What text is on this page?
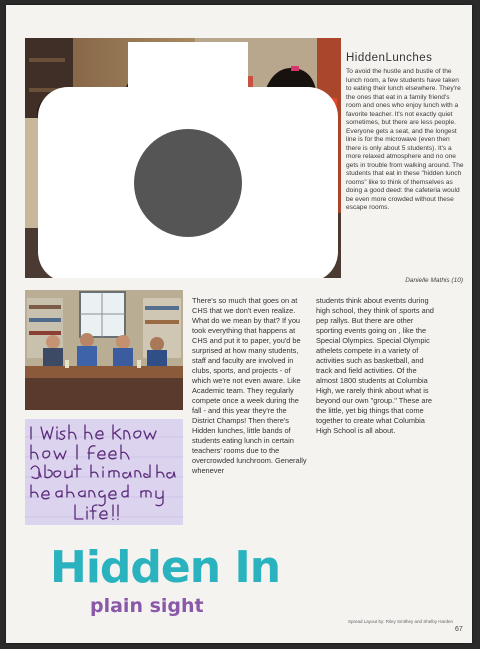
HiddenLunches

To avoid the hustle and bustle of the lunch room, a few students have taken to eating their lunch elsewhere. They're the ones that eat in a family friend's room and ones who enjoy lunch with a favorite teacher. It's not exactly quiet sometimes, but there are less people. Everyone gets a seat, and the longest line is for the microwave (even then there is only about 5 students). It's a more relaxed atmosphere and no one gets in trouble from walking around. The students that eat in these "hidden lunch rooms" like to think of themselves as doing a good deed: the cafeteria would be even more crowded without these escape rooms.

Danielle Mathis (10)

There's so much that goes on at CHS that we don't even realize. What do we mean by that? If you took everything that happens at CHS and put it to paper, you'd be surprised at how many students, staff and faculty are involved in clubs, sports, and projects - of which we're not even aware. Like Academic team. They regularly compete once a week during the fall - and this year they're the District Champs! Then there's Hidden lunches, little bands of students eating lunch in certain teachers' rooms due to the overcrowded lunchroom. Generally whenever

students think about events during high school, they think of sports and pep rallys. But there are other sporting events going on , like the Special Olympics. Special Olympic athelets compete in a variety of activities such as basketball, and track and field activities. Of the almost 1800 students at Columbia High, we rarely think about what is beyond our own "group." These are the little, yet big things that come together to create what Columbia High School is all about.

Hidden In
plain sight
Spread Layout by: Riley Smithey and Shelby Harden
67
